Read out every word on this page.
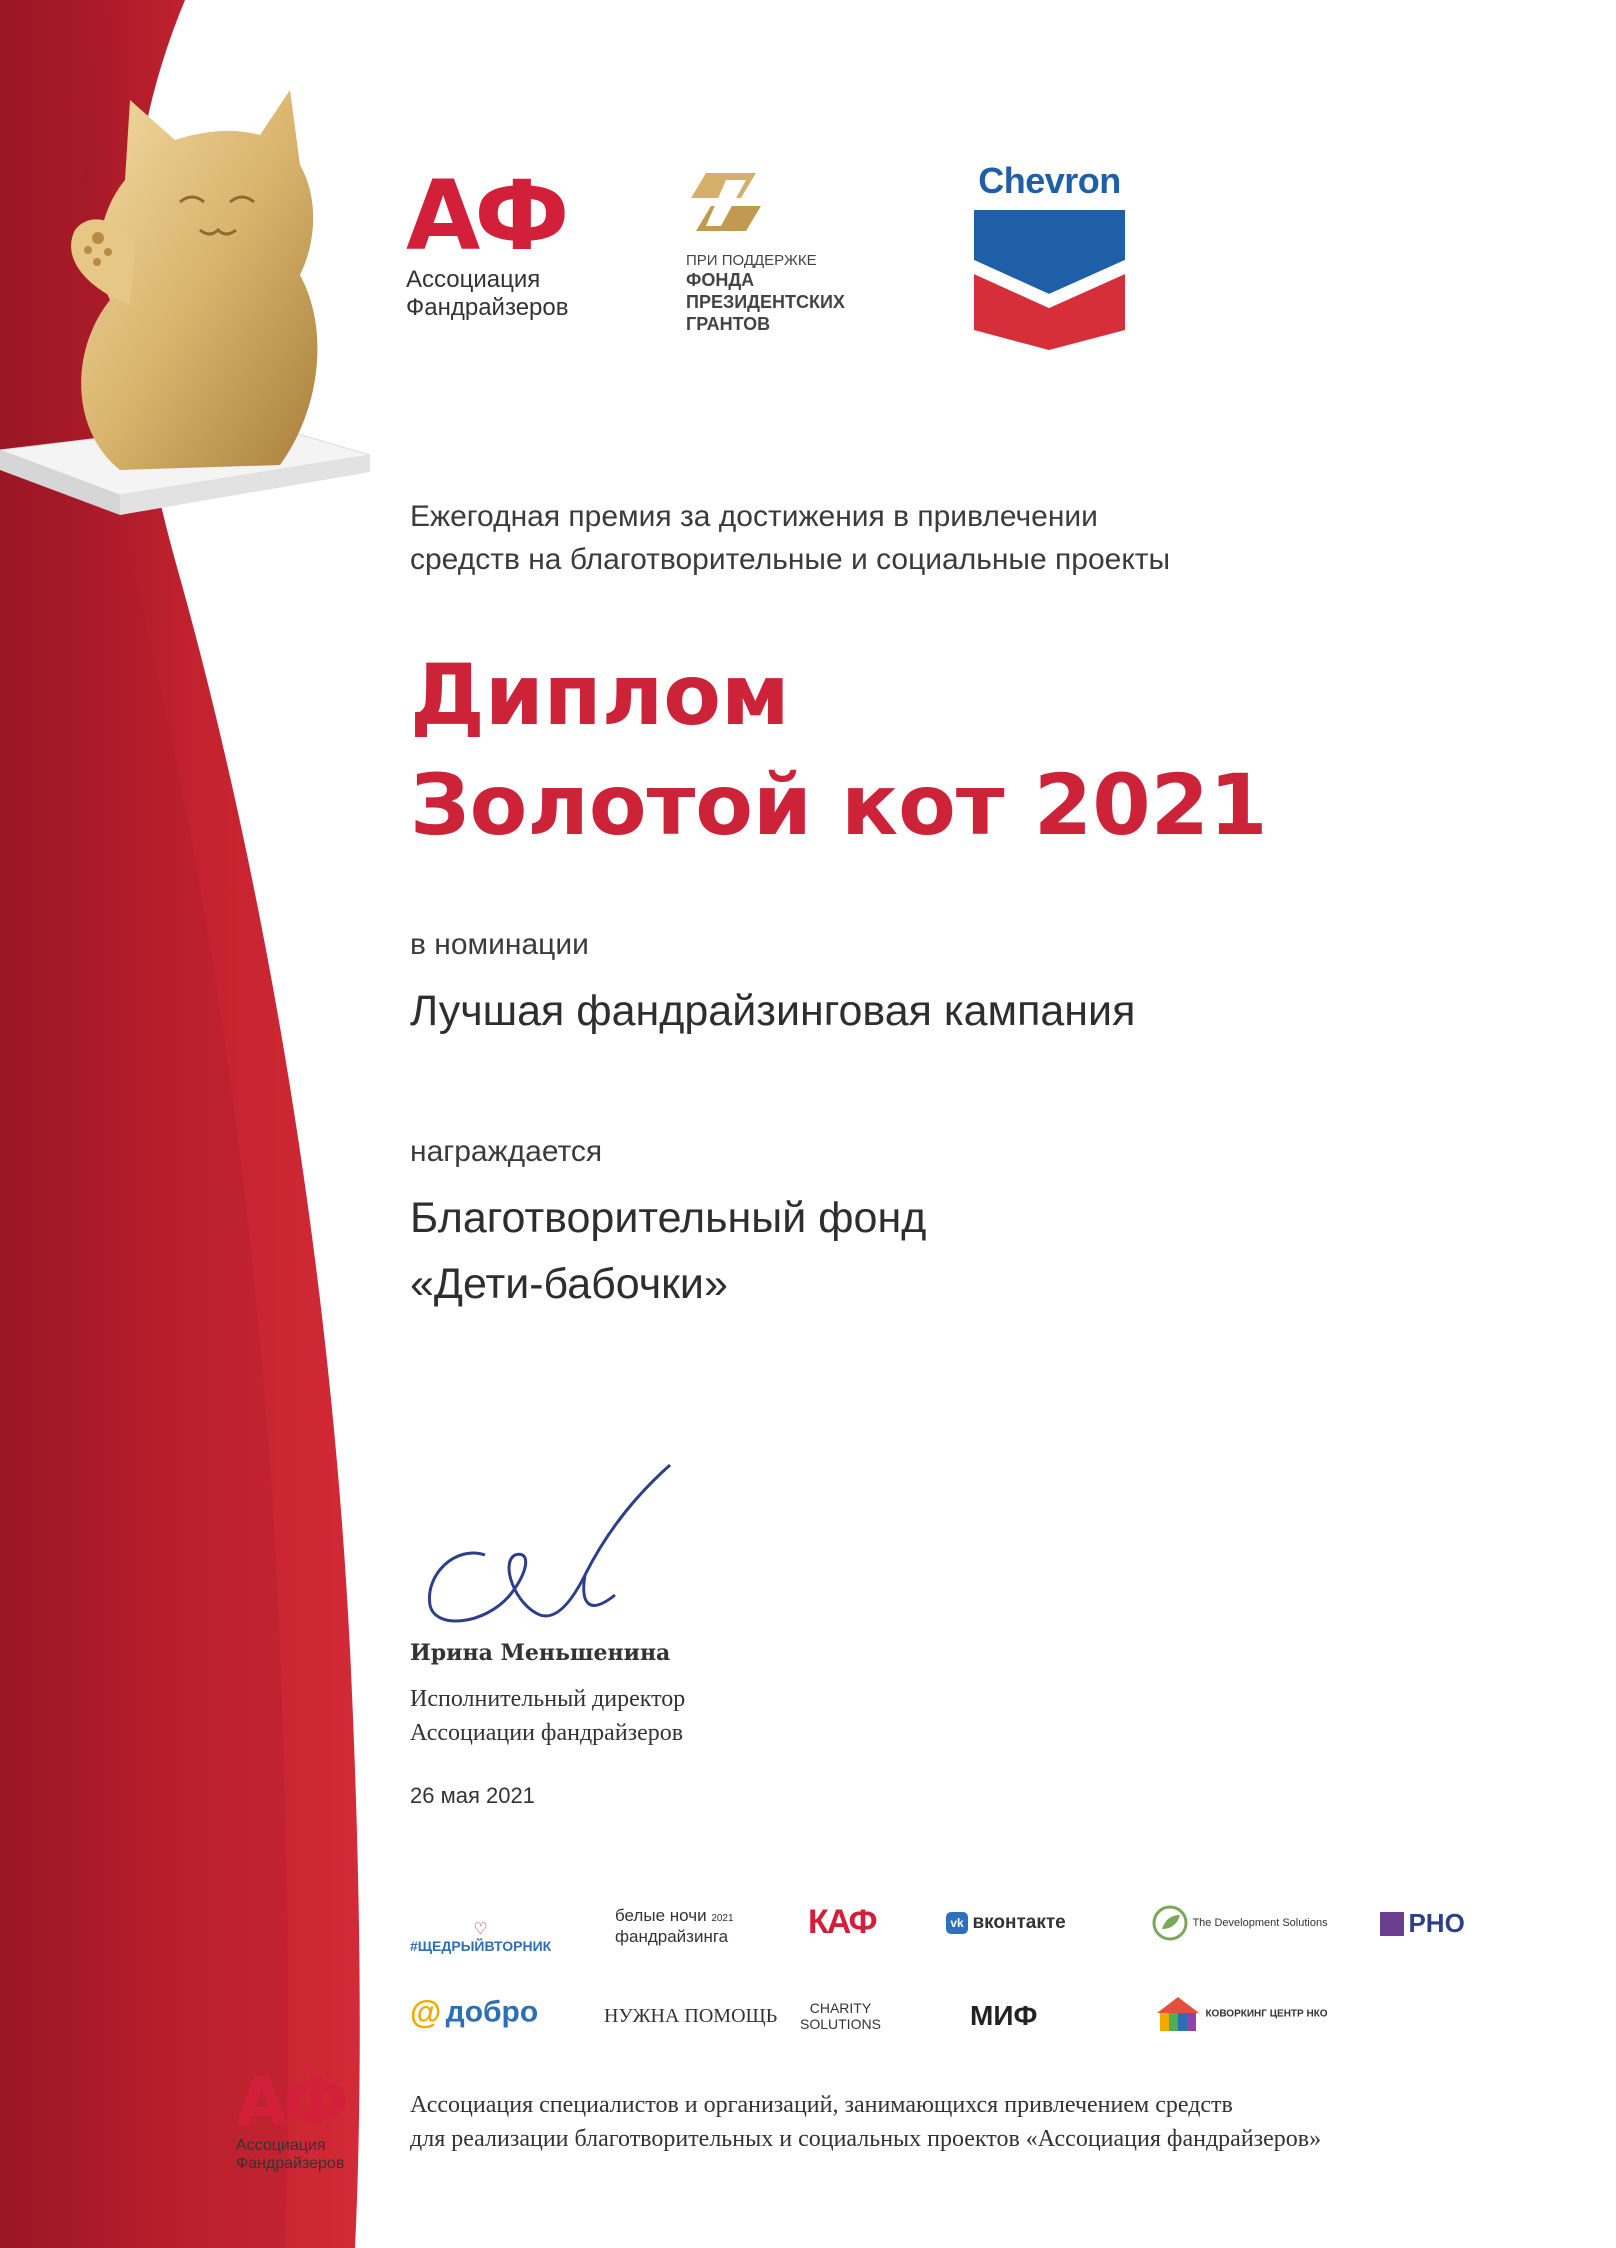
АФ
Ассоциация
Фандрайзеров
ПРИ ПОДДЕРЖКЕ
ФОНДА
ПРЕЗИДЕНТСКИХ
ГРАНТОВ
Chevron
Ежегодная премия за достижения в привлечении
средств на благотворительные и социальные проекты
Диплом
Золотой кот 2021
в номинации
Лучшая фандрайзинговая кампания
награждается
Благотворительный фонд
«Дети-бабочки»
Ирина Меньшенина
Исполнительный директор
Ассоциации фандрайзеров
26 мая 2021
♡
#ЩЕДРЫЙВТОРНИК
белые ночи 2021
фандрайзинга КАФ	vk вконтакте	The Development Solutions	РНО
@ добро	НУЖНА ПОМОЩЬ	CHARITY
SOLUTIONS	МИФ	КОВОРКИНГ ЦЕНТР НКО
АФ
Ассоциация
Фандрайзеров
Ассоциация специалистов и организаций, занимающихся привлечением средств
для реализации благотворительных и социальных проектов «Ассоциация фандрайзеров»
